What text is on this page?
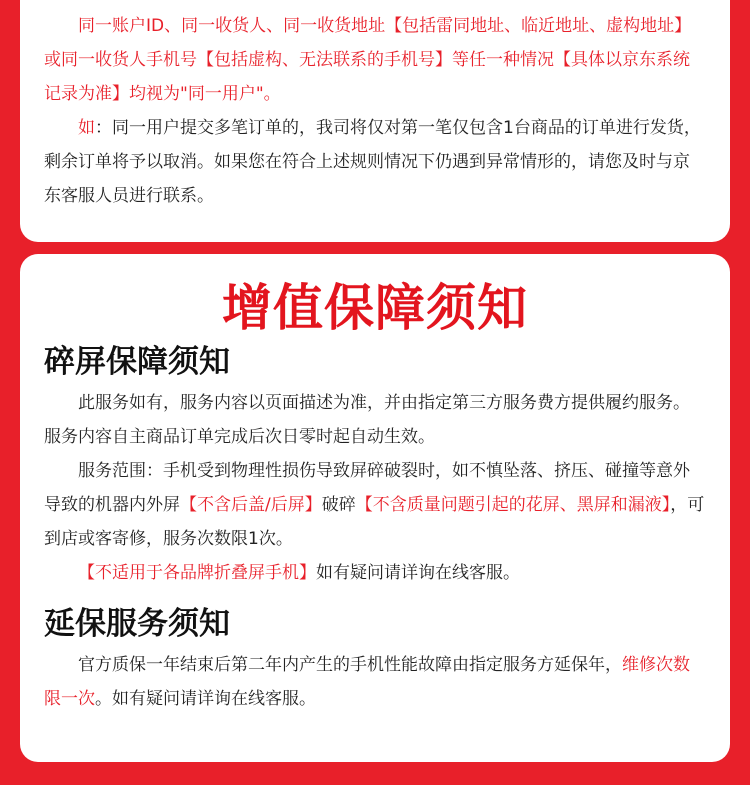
同一账户ID、同一收货人、同一收货地址【包括雷同地址、临近地址、虚构地址】或同一收货人手机号【包括虚构、无法联系的手机号】等任一种情况【具体以京东系统记录为准】均视为"同一用户"。

如：同一用户提交多笔订单的，我司将仅对第一笔仅包含1台商品的订单进行发货，剩余订单将予以取消。如果您在符合上述规则情况下仍遇到异常情形的，请您及时与京东客服人员进行联系。

增值保障须知
碎屏保障须知

此服务如有，服务内容以页面描述为准，并由指定第三方服务费方提供履约服务。服务内容自主商品订单完成后次日零时起自动生效。

服务范围：手机受到物理性损伤导致屏碎破裂时，如不慎坠落、挤压、碰撞等意外导致的机器内外屏【不含后盖/后屏】破碎【不含质量问题引起的花屏、黑屏和漏液】，可到店或客寄修，服务次数限1次。

【不适用于各品牌折叠屏手机】如有疑问请详询在线客服。

延保服务须知

官方质保一年结束后第二年内产生的手机性能故障由指定服务方延保年，维修次数限一次。如有疑问请详询在线客服。
